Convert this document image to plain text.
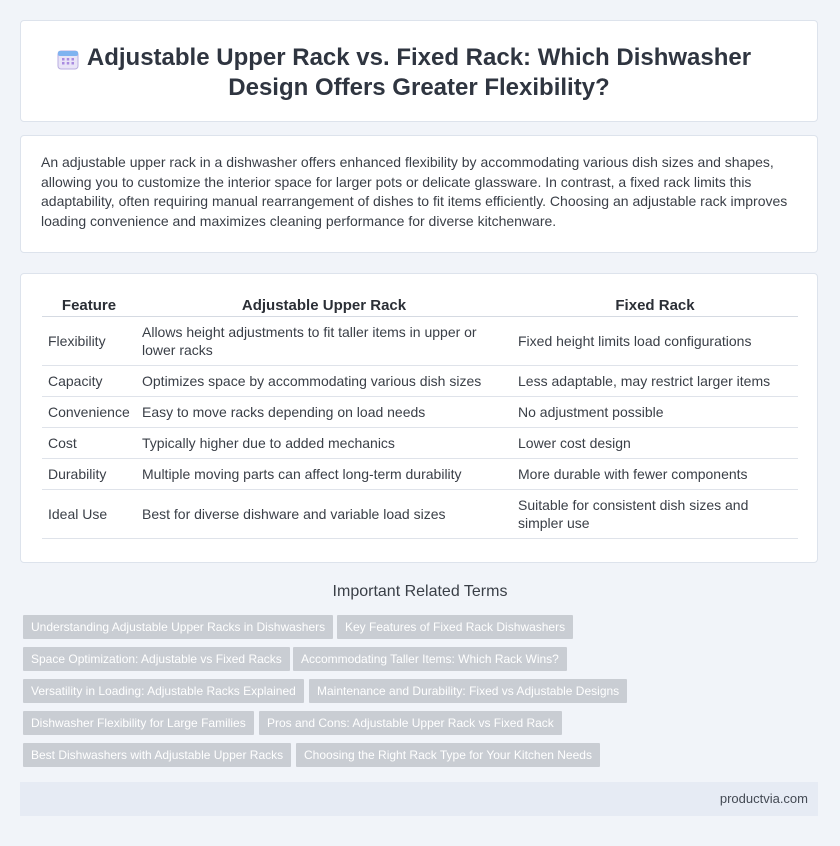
Adjustable Upper Rack vs. Fixed Rack: Which Dishwasher Design Offers Greater Flexibility?

An adjustable upper rack in a dishwasher offers enhanced flexibility by accommodating various dish sizes and shapes, allowing you to customize the interior space for larger pots or delicate glassware. In contrast, a fixed rack limits this adaptability, often requiring manual rearrangement of dishes to fit items efficiently. Choosing an adjustable rack improves loading convenience and maximizes cleaning performance for diverse kitchenware.

Feature	Adjustable Upper Rack	Fixed Rack
Flexibility	Allows height adjustments to fit taller items in upper or lower racks	Fixed height limits load configurations
Capacity	Optimizes space by accommodating various dish sizes	Less adaptable, may restrict larger items
Convenience	Easy to move racks depending on load needs	No adjustment possible
Cost	Typically higher due to added mechanics	Lower cost design
Durability	Multiple moving parts can affect long-term durability	More durable with fewer components
Ideal Use	Best for diverse dishware and variable load sizes	Suitable for consistent dish sizes and simpler use
Important Related Terms
Understanding Adjustable Upper Racks in Dishwashers	Key Features of Fixed Rack Dishwashers
Space Optimization: Adjustable vs Fixed Racks	Accommodating Taller Items: Which Rack Wins?
Versatility in Loading: Adjustable Racks Explained	Maintenance and Durability: Fixed vs Adjustable Designs
Dishwasher Flexibility for Large Families	Pros and Cons: Adjustable Upper Rack vs Fixed Rack
Best Dishwashers with Adjustable Upper Racks	Choosing the Right Rack Type for Your Kitchen Needs
productvia.com
